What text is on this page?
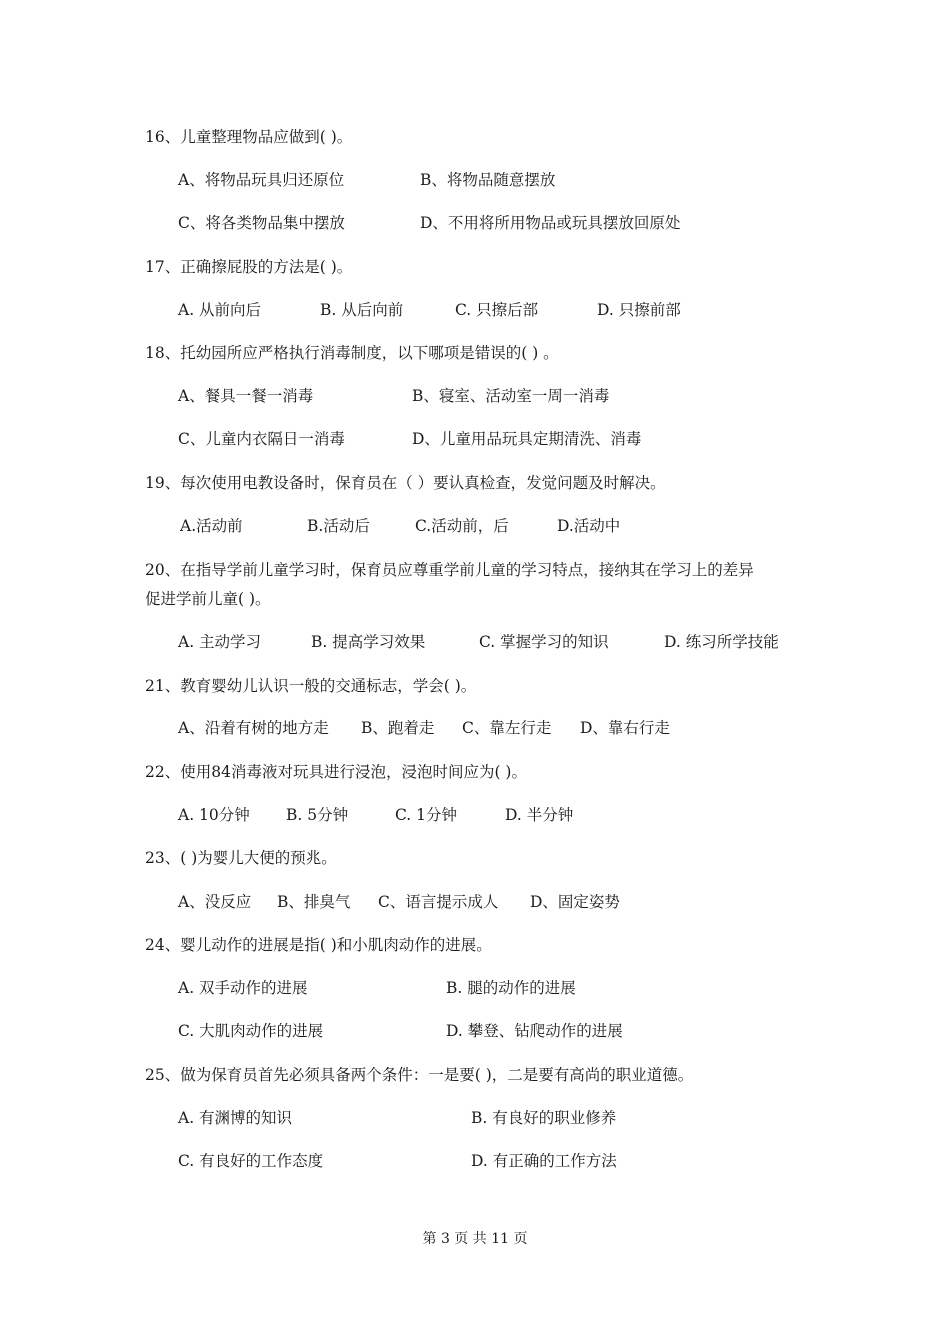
16、儿童整理物品应做到( )。
A、将物品玩具归还原位	B、将物品随意摆放
C、将各类物品集中摆放	D、不用将所用物品或玩具摆放回原处
17、正确擦屁股的方法是( )。
A. 从前向后	B. 从后向前	C. 只擦后部	D. 只擦前部
18、托幼园所应严格执行消毒制度，以下哪项是错误的( ) 。
A、餐具一餐一消毒	B、寝室、活动室一周一消毒
C、儿童内衣隔日一消毒	D、儿童用品玩具定期清洗、消毒
19、每次使用电教设备时，保育员在（ ）要认真检查，发觉问题及时解决。
A.活动前	B.活动后	C.活动前，后	D.活动中
20、在指导学前儿童学习时，保育员应尊重学前儿童的学习特点，接纳其在学习上的差异
促进学前儿童( )。
A. 主动学习	B. 提高学习效果	C. 掌握学习的知识	D. 练习所学技能
21、教育婴幼儿认识一般的交通标志，学会( )。
A、沿着有树的地方走 B、跑着走 C、靠左行走 D、靠右行走
22、使用84消毒液对玩具进行浸泡，浸泡时间应为( )。
A. 10分钟 B. 5分钟	C. 1分钟	D. 半分钟
23、( )为婴儿大便的预兆。
A、没反应 B、排臭气 C、语言提示成人 D、固定姿势
24、婴儿动作的进展是指( )和小肌肉动作的进展。
A. 双手动作的进展	B. 腿的动作的进展
C. 大肌肉动作的进展	D. 攀登、钻爬动作的进展
25、做为保育员首先必须具备两个条件：一是要( )，二是要有高尚的职业道德。
A. 有渊博的知识	B. 有良好的职业修养
C. 有良好的工作态度	D. 有正确的工作方法
第 3 页 共 11 页
